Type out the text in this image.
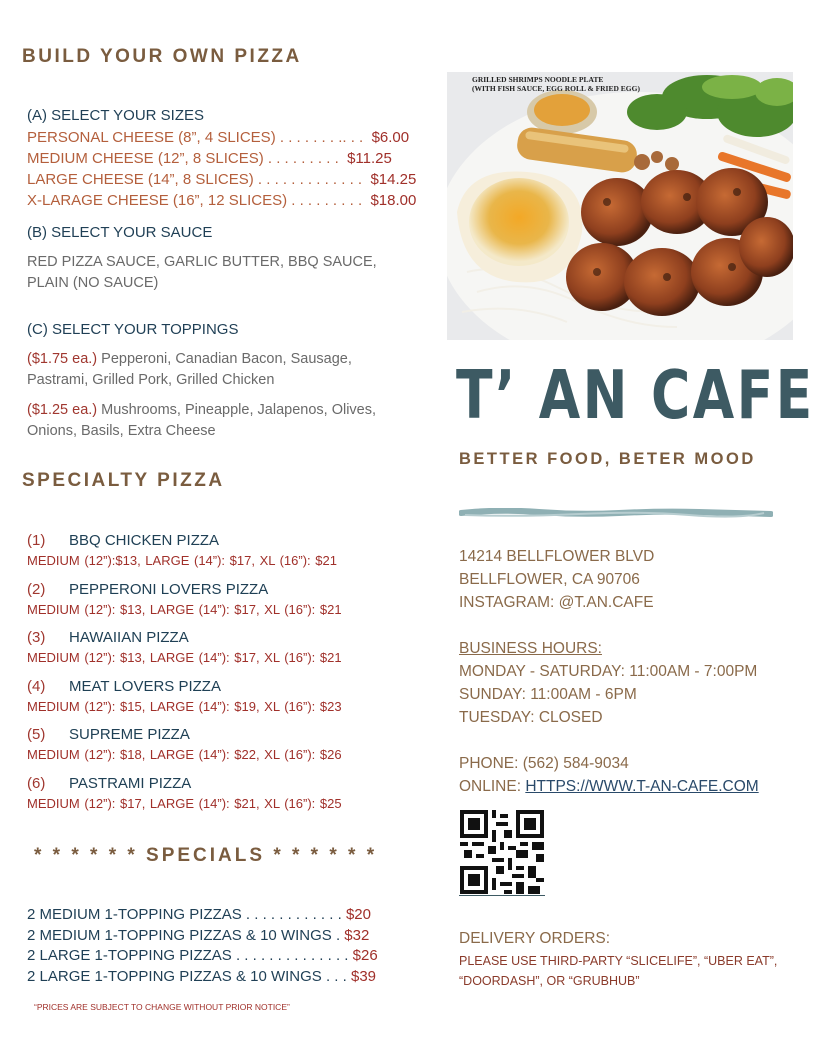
BUILD YOUR OWN PIZZA
(A) SELECT YOUR SIZES
PERSONAL CHEESE (8”, 4 SLICES) . . . . . . . .. . . $6.00
MEDIUM CHEESE (12”, 8 SLICES) . . . . . . . . . $11.25
LARGE CHEESE (14”, 8 SLICES) . . . . . . . . . . . . . $14.25
X-LARAGE CHEESE (16”, 12 SLICES) . . . . . . . . . $18.00
(B) SELECT YOUR SAUCE
RED PIZZA SAUCE, GARLIC BUTTER, BBQ SAUCE, PLAIN (NO SAUCE)
(C) SELECT YOUR TOPPINGS
($1.75 ea.) Pepperoni, Canadian Bacon, Sausage, Pastrami, Grilled Pork, Grilled Chicken
($1.25 ea.) Mushrooms, Pineapple, Jalapenos, Olives, Onions, Basils, Extra Cheese
SPECIALTY PIZZA
(1) BBQ CHICKEN PIZZA
MEDIUM (12”):$13, LARGE (14”): $17, XL (16”): $21
(2) PEPPERONI LOVERS PIZZA
MEDIUM (12”): $13, LARGE (14”): $17, XL (16”): $21
(3) HAWAIIAN PIZZA
MEDIUM (12”): $13, LARGE (14”): $17, XL (16”): $21
(4) MEAT LOVERS PIZZA
MEDIUM (12”): $15, LARGE (14”): $19, XL (16”): $23
(5) SUPREME PIZZA
MEDIUM (12”): $18, LARGE (14”): $22, XL (16”): $26
(6) PASTRAMI PIZZA
MEDIUM (12”): $17, LARGE (14”): $21, XL (16”): $25
* * * * * * SPECIALS * * * * * *
2 MEDIUM 1-TOPPING PIZZAS . . . . . . . . . . . . $20
2 MEDIUM 1-TOPPING PIZZAS & 10 WINGS . $32
2 LARGE 1-TOPPING PIZZAS . . . . . . . . . . . . . . $26
2 LARGE 1-TOPPING PIZZAS & 10 WINGS . . . $39
“PRICES ARE SUBJECT TO CHANGE WITHOUT PRIOR NOTICE”
GRILLED SHRIMPS NOODLE PLATE
(WITH FISH SAUCE, EGG ROLL & FRIED EGG)
T’ AN CAFE
BETTER FOOD, BETER MOOD
14214 BELLFLOWER BLVD
BELLFLOWER, CA 90706
INSTAGRAM: @T.AN.CAFE
BUSINESS HOURS:
MONDAY - SATURDAY: 11:00AM - 7:00PM
SUNDAY: 11:00AM - 6PM
TUESDAY: CLOSED
PHONE: (562) 584-9034
ONLINE: HTTPS://WWW.T-AN-CAFE.COM
DELIVERY ORDERS:
PLEASE USE THIRD-PARTY “SLICELIFE”, “UBER EAT”, “DOORDASH”, OR “GRUBHUB”
